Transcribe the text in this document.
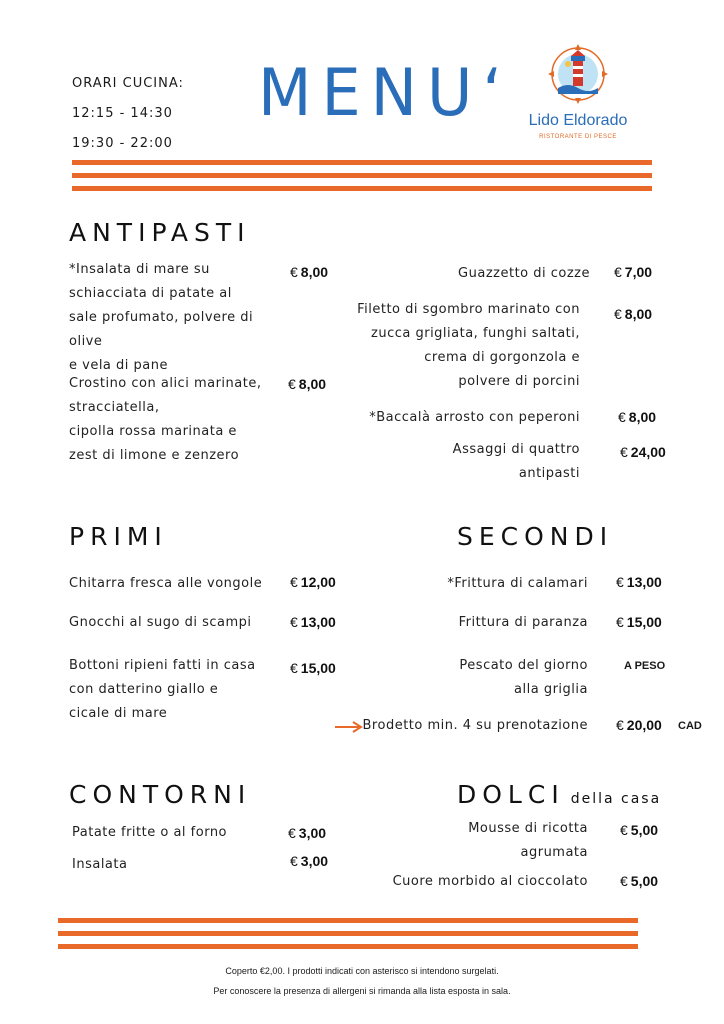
ORARI CUCINA:
12:15 - 14:30
19:30 - 22:00
MENU‘	Lido Eldorado
RISTORANTE DI PESCE
ANTIPASTI
*Insalata di mare su
schiacciata di patate al
sale profumato, polvere di olive
e vela di pane
€ 8,00
Crostino con alici marinate,
stracciatella,
cipolla rossa marinata e
zest di limone e zenzero
€ 8,00
Guazzetto di cozze € 7,00
Filetto di sgombro marinato con
zucca grigliata, funghi saltati,
crema di gorgonzola e
polvere di porcini
€ 8,00
*Baccalà arrosto con peperoni	€ 8,00
Assaggi di quattro
antipasti
€ 24,00
PRIMI
Chitarra fresca alle vongole	€ 12,00
Gnocchi al sugo di scampi	€ 13,00
Bottoni ripieni fatti in casa
con datterino giallo e
cicale di mare
€ 15,00
SECONDI
*Frittura di calamari € 13,00
Frittura di paranza € 15,00
Pescato del giorno
alla griglia
A PESO
Brodetto min. 4 su prenotazione € 20,00 CAD
CONTORNI
Patate fritte o al forno	€ 3,00
Insalata	€ 3,00
DOLCI della casa
Mousse di ricotta
agrumata
€ 5,00
Cuore morbido al cioccolato € 5,00
Coperto €2,00. I prodotti indicati con asterisco si intendono surgelati.
Per conoscere la presenza di allergeni si rimanda alla lista esposta in sala.
